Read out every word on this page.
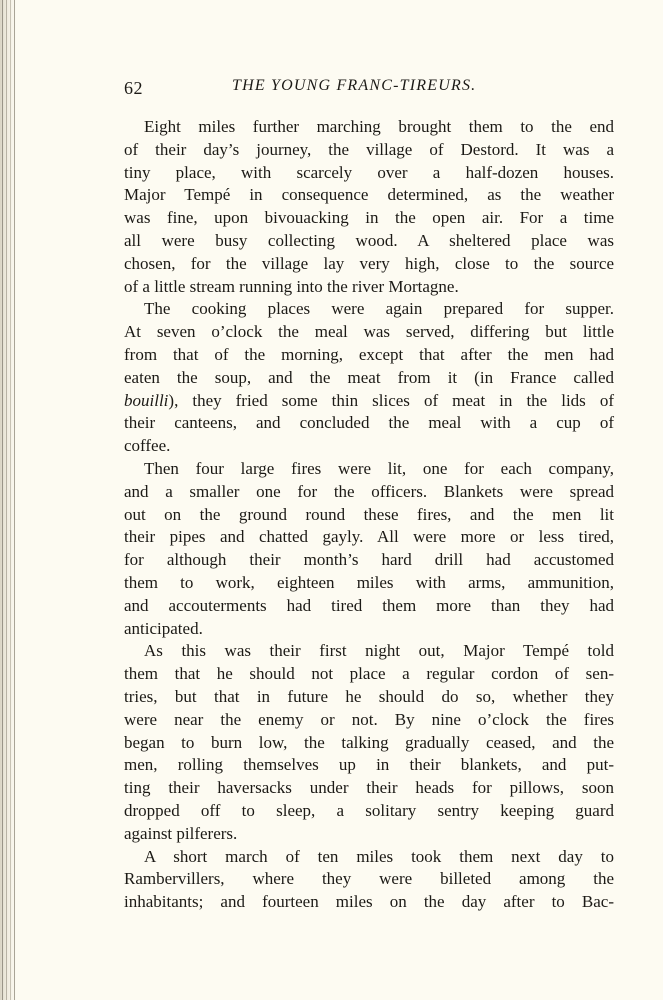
62	THE YOUNG FRANC-TIREURS.
Eight miles further marching brought them to the end
of their day’s journey, the village of Destord. It was a
tiny place, with scarcely over a half-dozen houses.
Major Tempé in consequence determined, as the weather
was fine, upon bivouacking in the open air. For a time
all were busy collecting wood. A sheltered place was
chosen, for the village lay very high, close to the source
of a little stream running into the river Mortagne.
The cooking places were again prepared for supper.
At seven o’clock the meal was served, differing but little
from that of the morning, except that after the men had
eaten the soup, and the meat from it (in France called
bouilli), they fried some thin slices of meat in the lids of
their canteens, and concluded the meal with a cup of
coffee.
Then four large fires were lit, one for each company,
and a smaller one for the officers. Blankets were spread
out on the ground round these fires, and the men lit
their pipes and chatted gayly. All were more or less tired,
for although their month’s hard drill had accustomed
them to work, eighteen miles with arms, ammunition,
and accouterments had tired them more than they had
anticipated.
As this was their first night out, Major Tempé told
them that he should not place a regular cordon of sen-
tries, but that in future he should do so, whether they
were near the enemy or not. By nine o’clock the fires
began to burn low, the talking gradually ceased, and the
men, rolling themselves up in their blankets, and put-
ting their haversacks under their heads for pillows, soon
dropped off to sleep, a solitary sentry keeping guard
against pilferers.
A short march of ten miles took them next day to
Rambervillers, where they were billeted among the
inhabitants; and fourteen miles on the day after to Bac-
